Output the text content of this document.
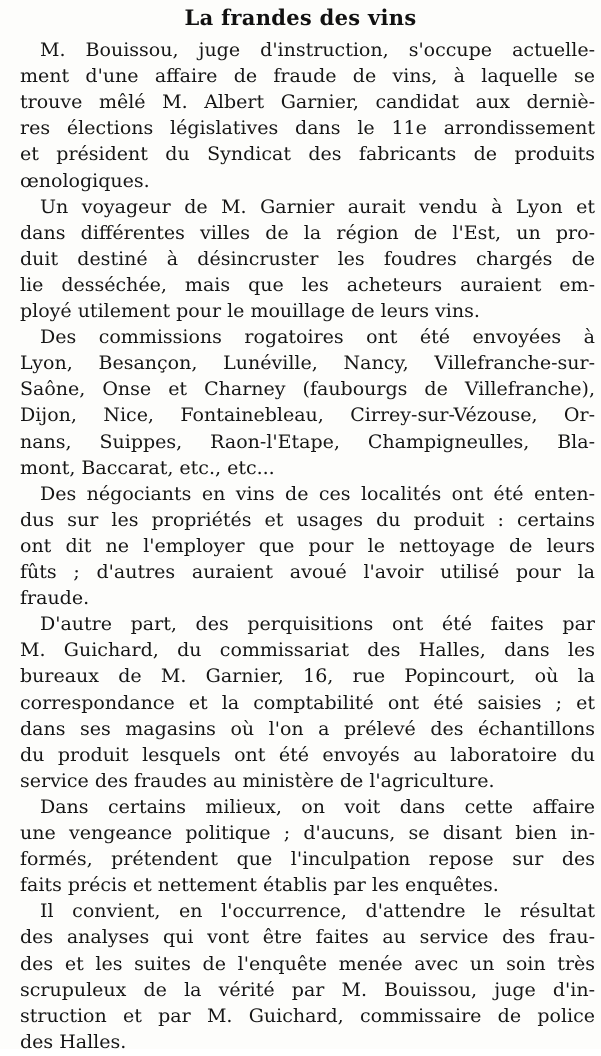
La frandes des vins
M. Bouissou, juge d'instruction, s'occupe actuelle-
ment d'une affaire de fraude de vins, à laquelle se
trouve mêlé M. Albert Garnier, candidat aux derniè-
res élections législatives dans le 11e arrondissement
et président du Syndicat des fabricants de produits
œnologiques.
Un voyageur de M. Garnier aurait vendu à Lyon et
dans différentes villes de la région de l'Est, un pro-
duit destiné à désincruster les foudres chargés de
lie desséchée, mais que les acheteurs auraient em-
ployé utilement pour le mouillage de leurs vins.
Des commissions rogatoires ont été envoyées à
Lyon, Besançon, Lunéville, Nancy, Villefranche-sur-
Saône, Onse et Charney (faubourgs de Villefranche),
Dijon, Nice, Fontainebleau, Cirrey-sur-Vézouse, Or-
nans, Suippes, Raon-l'Etape, Champigneulles, Bla-
mont, Baccarat, etc., etc...
Des négociants en vins de ces localités ont été enten-
dus sur les propriétés et usages du produit : certains
ont dit ne l'employer que pour le nettoyage de leurs
fûts ; d'autres auraient avoué l'avoir utilisé pour la
fraude.
D'autre part, des perquisitions ont été faites par
M. Guichard, du commissariat des Halles, dans les
bureaux de M. Garnier, 16, rue Popincourt, où la
correspondance et la comptabilité ont été saisies ; et
dans ses magasins où l'on a prélevé des échantillons
du produit lesquels ont été envoyés au laboratoire du
service des fraudes au ministère de l'agriculture.
Dans certains milieux, on voit dans cette affaire
une vengeance politique ; d'aucuns, se disant bien in-
formés, prétendent que l'inculpation repose sur des
faits précis et nettement établis par les enquêtes.
Il convient, en l'occurrence, d'attendre le résultat
des analyses qui vont être faites au service des frau-
des et les suites de l'enquête menée avec un soin très
scrupuleux de la vérité par M. Bouissou, juge d'in-
struction et par M. Guichard, commissaire de police
des Halles.
